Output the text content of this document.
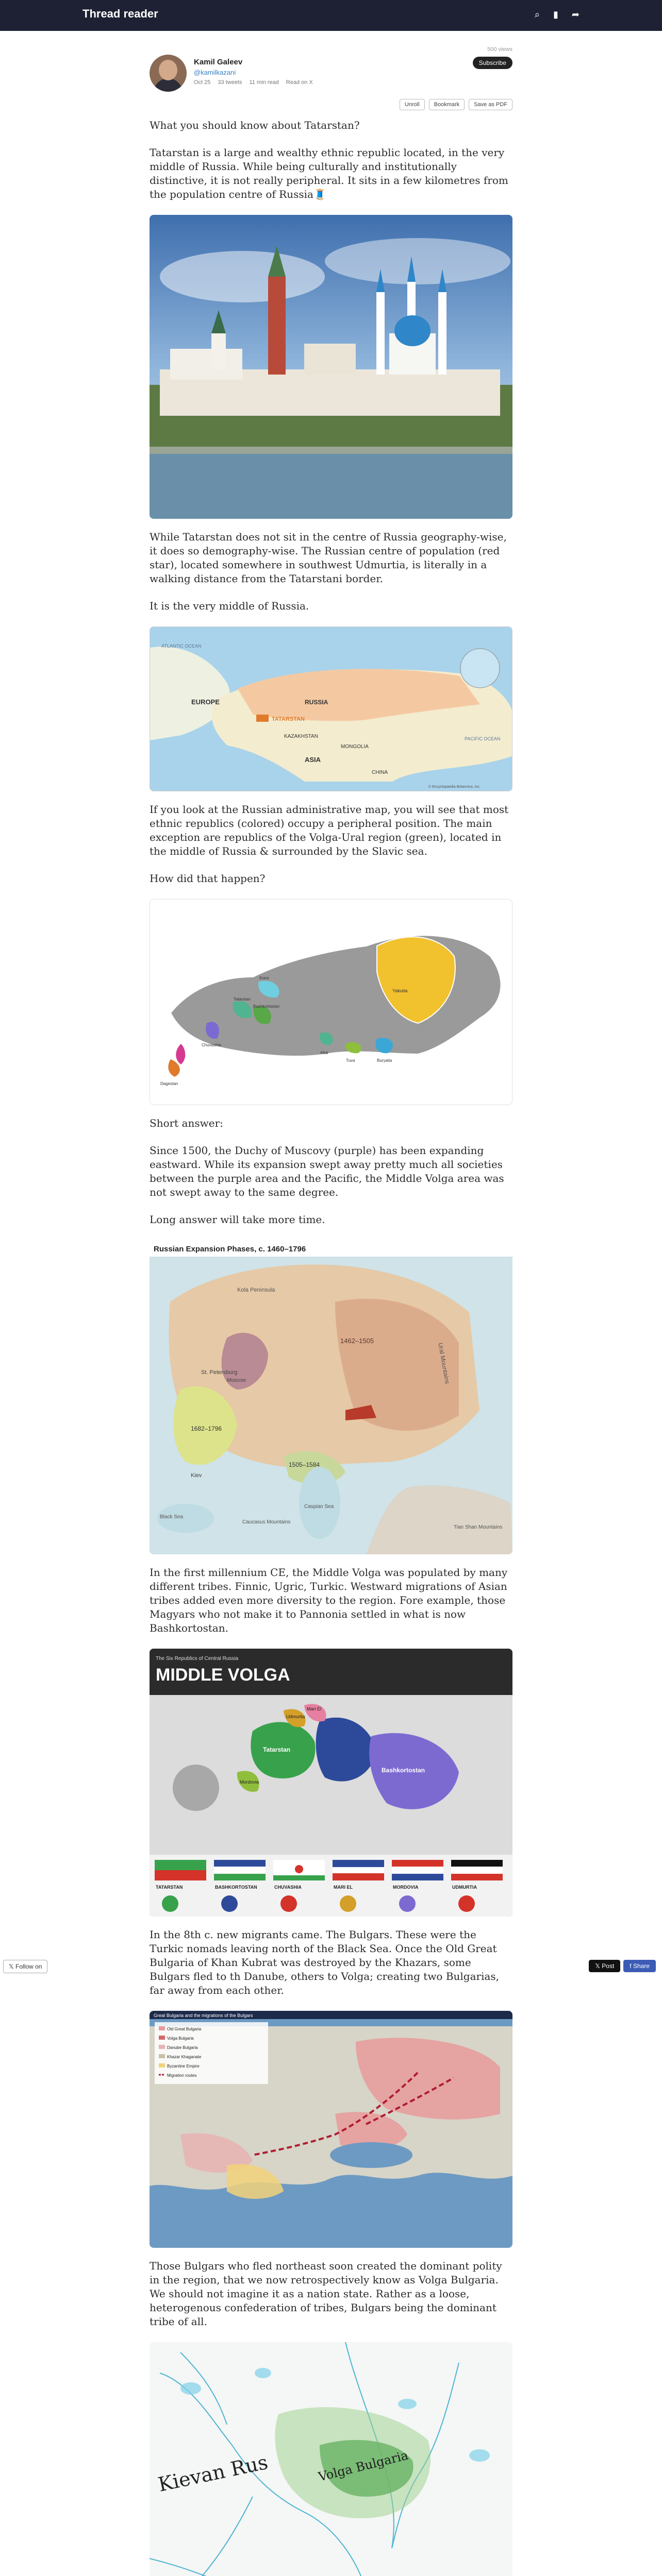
Thread reader	⌕ ▮ ➦
𝕏 Follow on	𝕏 Post	f Share
500 views
Kamil Galeev
@kamilkazani
Oct 25 33 tweets 11 min read Read on X
Subscribe
Unroll	Bookmark	Save as PDF

What you should know about Tatarstan?

Tatarstan is a large and wealthy ethnic republic located, in the very middle of Russia. While being culturally and institutionally distinctive, it is not really peripheral. It sits in a few kilometres from the population centre of Russia🧵

While Tatarstan does not sit in the centre of Russia geography-wise, it does so demography-wise. The Russian centre of population (red star), located somewhere in southwest Udmurtia, is literally in a walking distance from the Tatarstani border.

It is the very middle of Russia.

ATLANTIC OCEAN
EUROPE	RUSSIA
TATARSTAN
KAZAKHSTAN
MONGOLIA
ASIA
CHINA
PACIFIC OCEAN
© Encyclopaedia Britannica, Inc.

If you look at the Russian administrative map, you will see that most ethnic republics (colored) occupy a peripheral position. The main exception are republics of the Volga-Ural region (green), located in the middle of Russia & surrounded by the Slavic sea.

How did that happen?

Yakutia
Bashkortostan
Tatarstan
Komi
Altai
Tuva	Buryatia
Chuvashia
Dagestan

Short answer:

Since 1500, the Duchy of Muscovy (purple) has been expanding eastward. While its expansion swept away pretty much all societies between the purple area and the Pacific, the Middle Volga area was not swept away to the same degree.

Long answer will take more time.

Russian Expansion Phases, c. 1460–1796
Kola Peninsula
St. Petersburg
Moscow
1462–1505
1505–1584
1682–1796
Kiev
Ural Mountains
Caspian Sea
Tian Shan Mountains
Black Sea
Caucasus Mountains

In the first millennium CE, the Middle Volga was populated by many different tribes. Finnic, Ugric, Turkic. Westward migrations of Asian tribes added even more diversity to the region. Fore example, those Magyars who not make it to Pannonia settled in what is now Bashkortostan.

The Six Republics of Central Russia
MIDDLE VOLGA
Udmurtia
Mari El
Tatarstan
Bashkortostan
Mordovia
TATARSTAN	BASHKORTOSTAN	CHUVASHIA	MARI EL	MORDOVIA	UDMURTIA

In the 8th c. new migrants came. The Bulgars. These were the Turkic nomads leaving north of the Black Sea. Once the Old Great Bulgaria of Khan Kubrat was destroyed by the Khazars, some Bulgars fled to th Danube, others to Volga; creating two Bulgarias, far away from each other.

Great Bulgaria and the migrations of the Bulgars
Old Great Bulgaria
Volga Bulgaria
Danube Bulgaria
Khazar Khaganate
Byzantine Empire
Migration routes

Those Bulgars who fled northeast soon created the dominant polity in the region, that we now retrospectively know as Volga Bulgaria. We should not imagine it as a nation state. Rather as a loose, heterogenous confederation of tribes, Bulgars being the dominant tribe of all.

Kievan Rus	Volga Bulgaria
